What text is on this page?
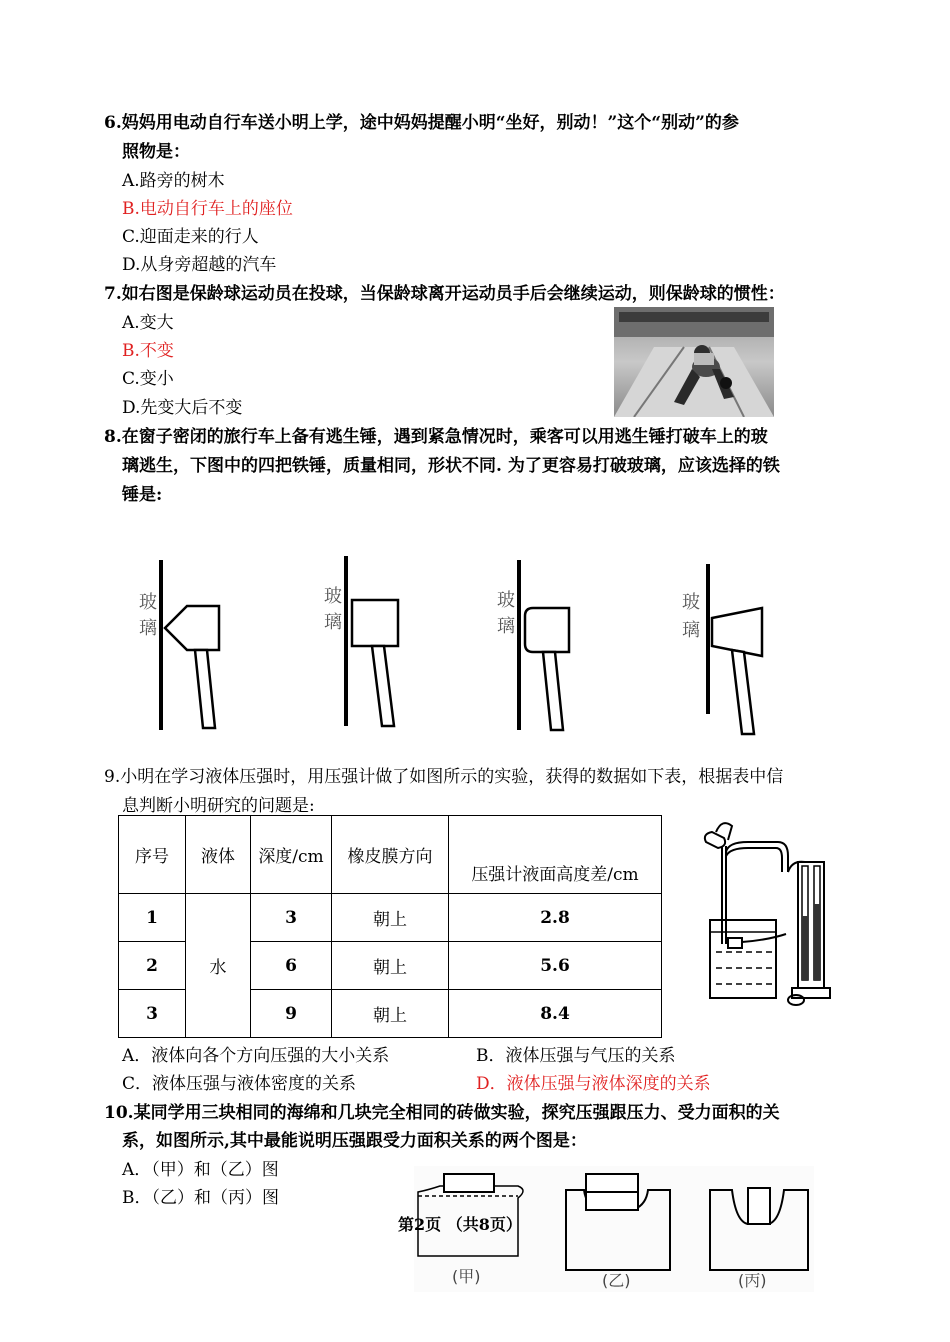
6.妈妈用电动自行车送小明上学，途中妈妈提醒小明“坐好，别动！”这个“别动”的参
照物是：
A.路旁的树木
B.电动自行车上的座位
C.迎面走来的行人
D.从身旁超越的汽车
7.如右图是保龄球运动员在投球，当保龄球离开运动员手后会继续运动，则保龄球的惯性：
A.变大
B.不变
C.变小
D.先变大后不变
8.在窗子密闭的旅行车上备有逃生锤，遇到紧急情况时，乘客可以用逃生锤打破车上的玻
璃逃生，下图中的四把铁锤，质量相同，形状不同. 为了更容易打破玻璃，应该选择的铁
锤是:
玻
璃
玻
璃
玻
璃
玻
璃
9.小明在学习液体压强时，用压强计做了如图所示的实验，获得的数据如下表，根据表中信
息判断小明研究的问题是:
序号	液体	深度/cm	橡皮膜方向	压强计液面高度差/cm
1	水	3	朝上	2.8
2		6	朝上	5.6
3		9	朝上	8.4
A．液体向各个方向压强的大小关系	B．液体压强与气压的关系
C．液体压强与液体密度的关系	D．液体压强与液体深度的关系
10.某同学用三块相同的海绵和几块完全相同的砖做实验，探究压强跟压力、受力面积的关
系，如图所示,其中最能说明压强跟受力面积关系的两个图是：
A．（甲）和（乙）图
B．（乙）和（丙）图
(甲)	(乙)	(丙)
第2页 （共8页）
